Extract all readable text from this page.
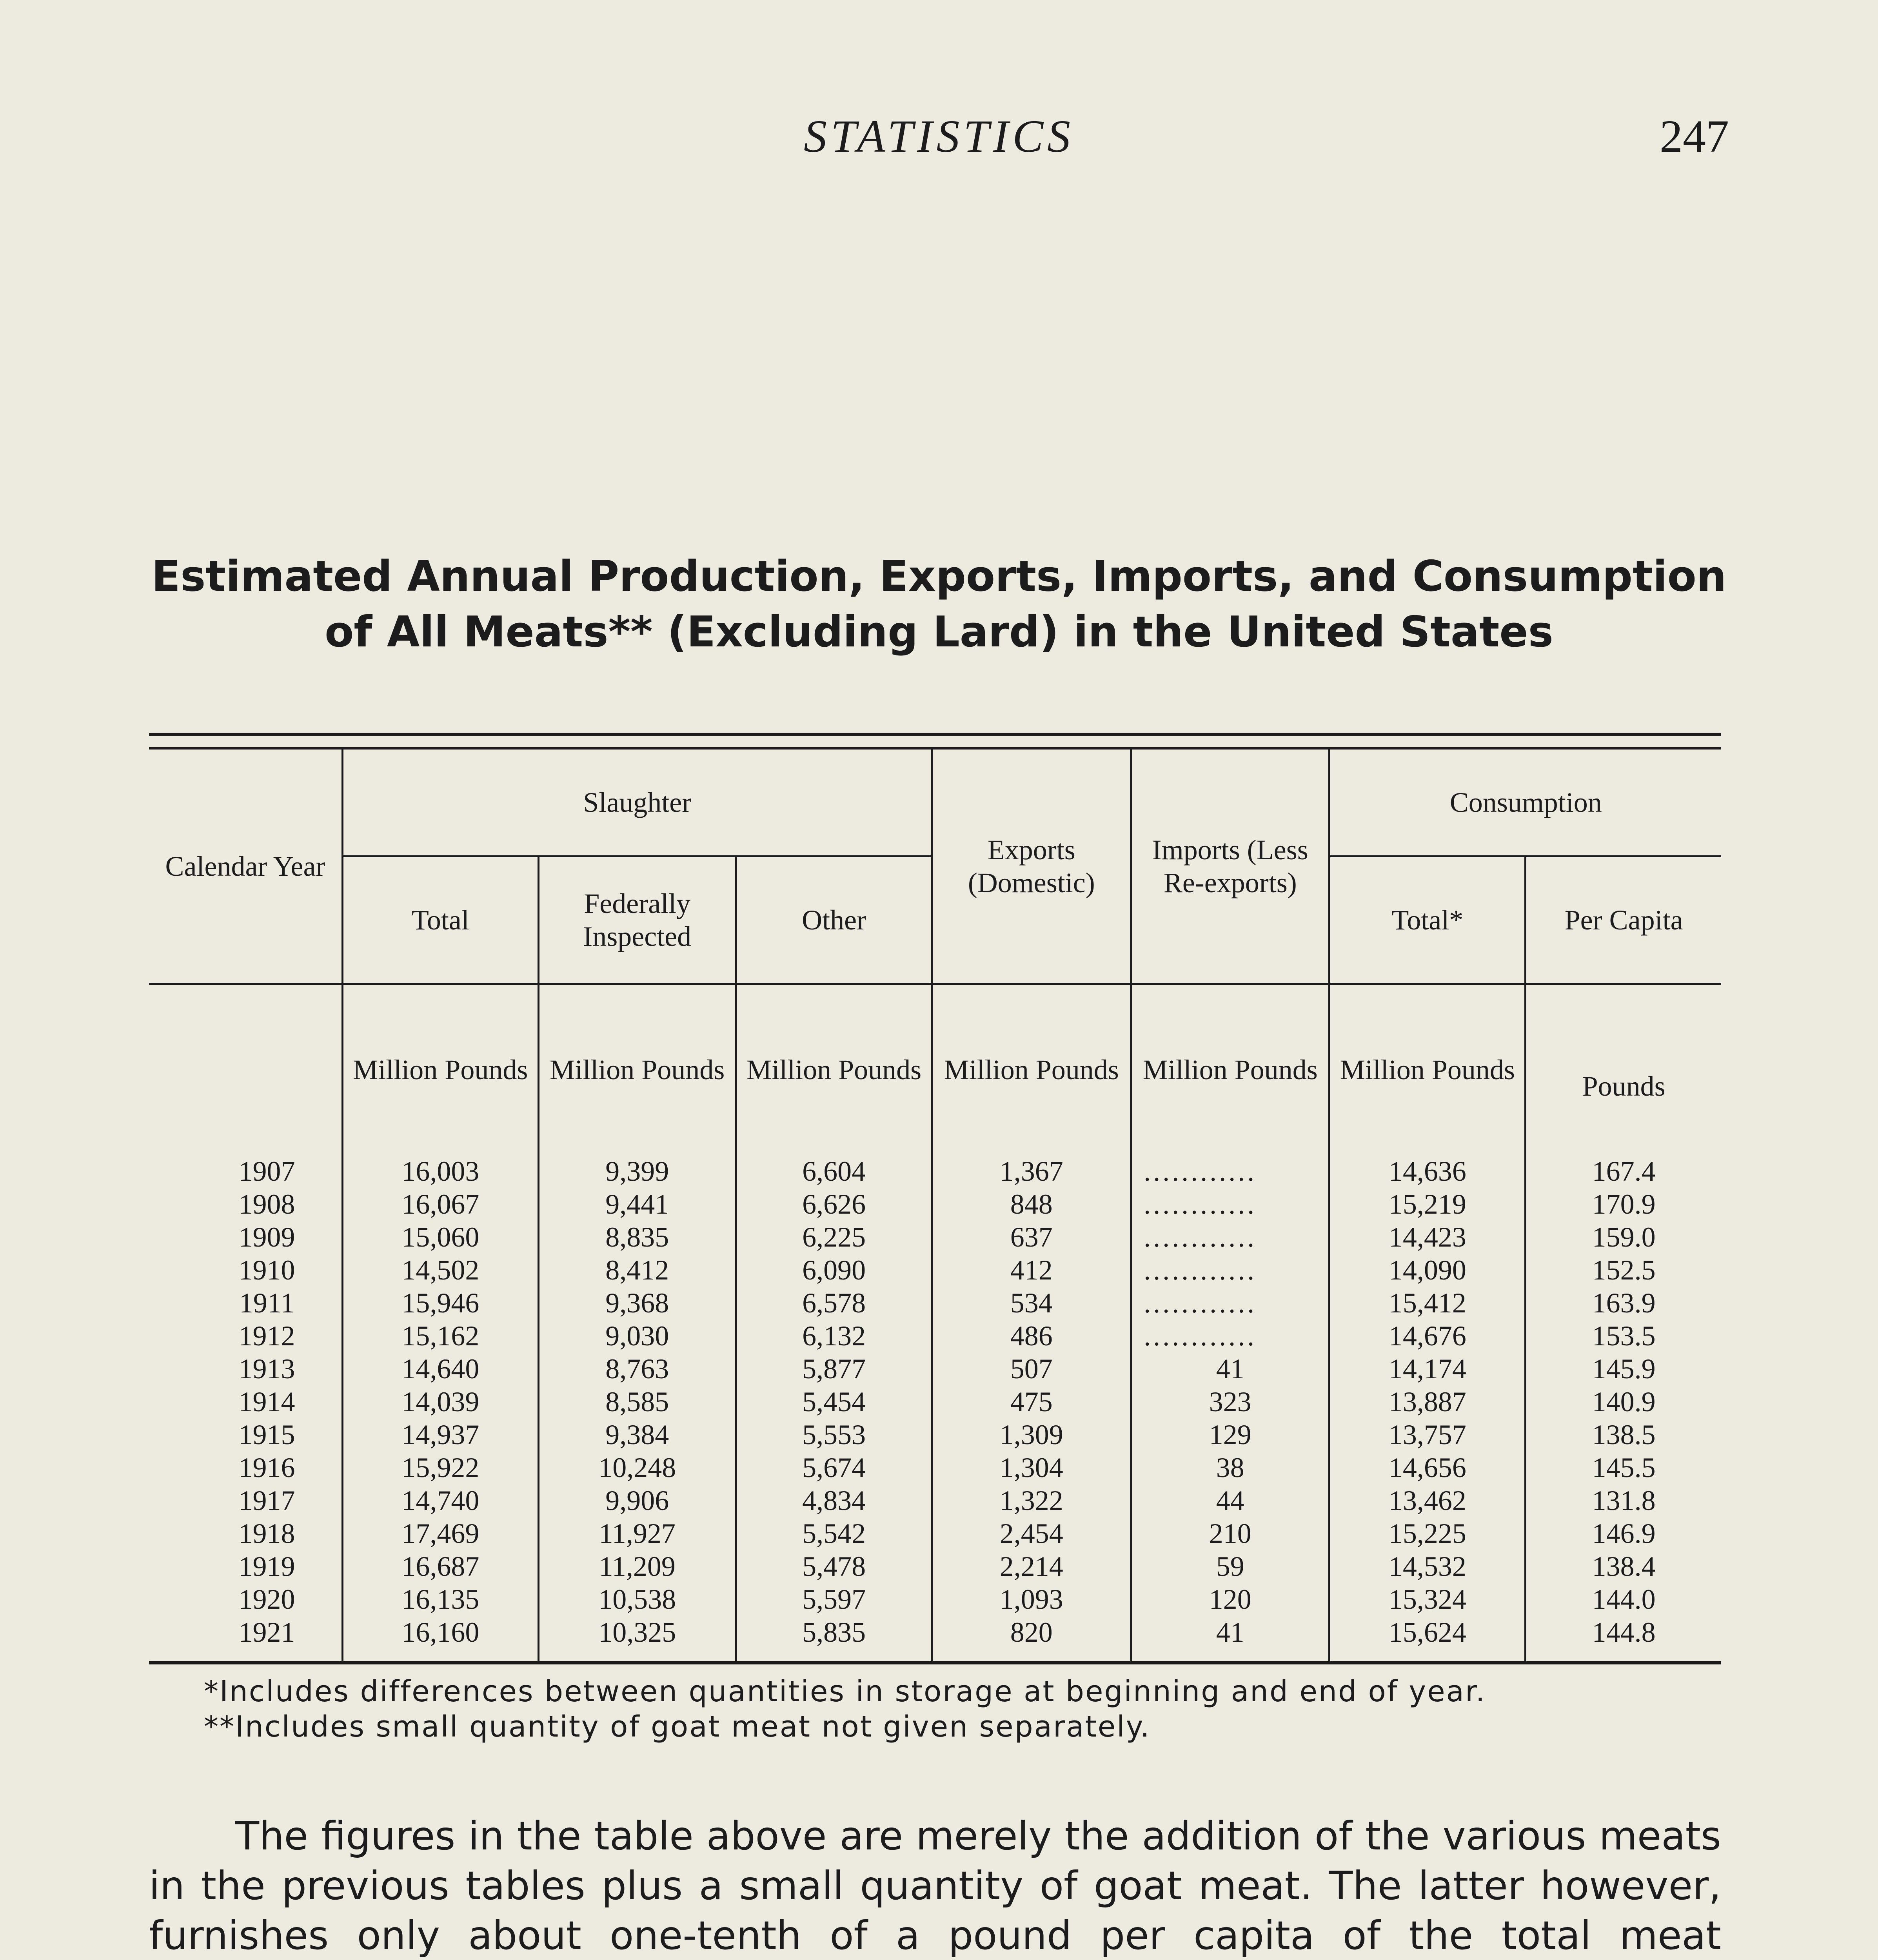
STATISTICS	247
Estimated Annual Production, Exports, Imports, and Consumption
of All Meats** (Excluding Lard) in the United States
Calendar Year	Slaughter			Exports (Domestic)	Imports (Less Re-exports)	Consumption	
	Total	Federally Inspected	Other			Total*	Per Capita
	Million Pounds	Million Pounds	Million Pounds	Million Pounds	Million Pounds	Million Pounds	Pounds
1907	16,003	9,399	6,604	1,367	............	14,636	167.4
1908	16,067	9,441	6,626	848	............	15,219	170.9
1909	15,060	8,835	6,225	637	............	14,423	159.0
1910	14,502	8,412	6,090	412	............	14,090	152.5
1911	15,946	9,368	6,578	534	............	15,412	163.9
1912	15,162	9,030	6,132	486	............	14,676	153.5
1913	14,640	8,763	5,877	507	41	14,174	145.9
1914	14,039	8,585	5,454	475	323	13,887	140.9
1915	14,937	9,384	5,553	1,309	129	13,757	138.5
1916	15,922	10,248	5,674	1,304	38	14,656	145.5
1917	14,740	9,906	4,834	1,322	44	13,462	131.8
1918	17,469	11,927	5,542	2,454	210	15,225	146.9
1919	16,687	11,209	5,478	2,214	59	14,532	138.4
1920	16,135	10,538	5,597	1,093	120	15,324	144.0
1921	16,160	10,325	5,835	820	41	15,624	144.8

*Includes differences between quantities in storage at beginning and end of year.
**Includes small quantity of goat meat not given separately.

The figures in the table above are merely the addition of the various meats in the previous tables plus a small quantity of goat meat. The latter however, furnishes only about one-tenth of a pound per capita of the total meat
